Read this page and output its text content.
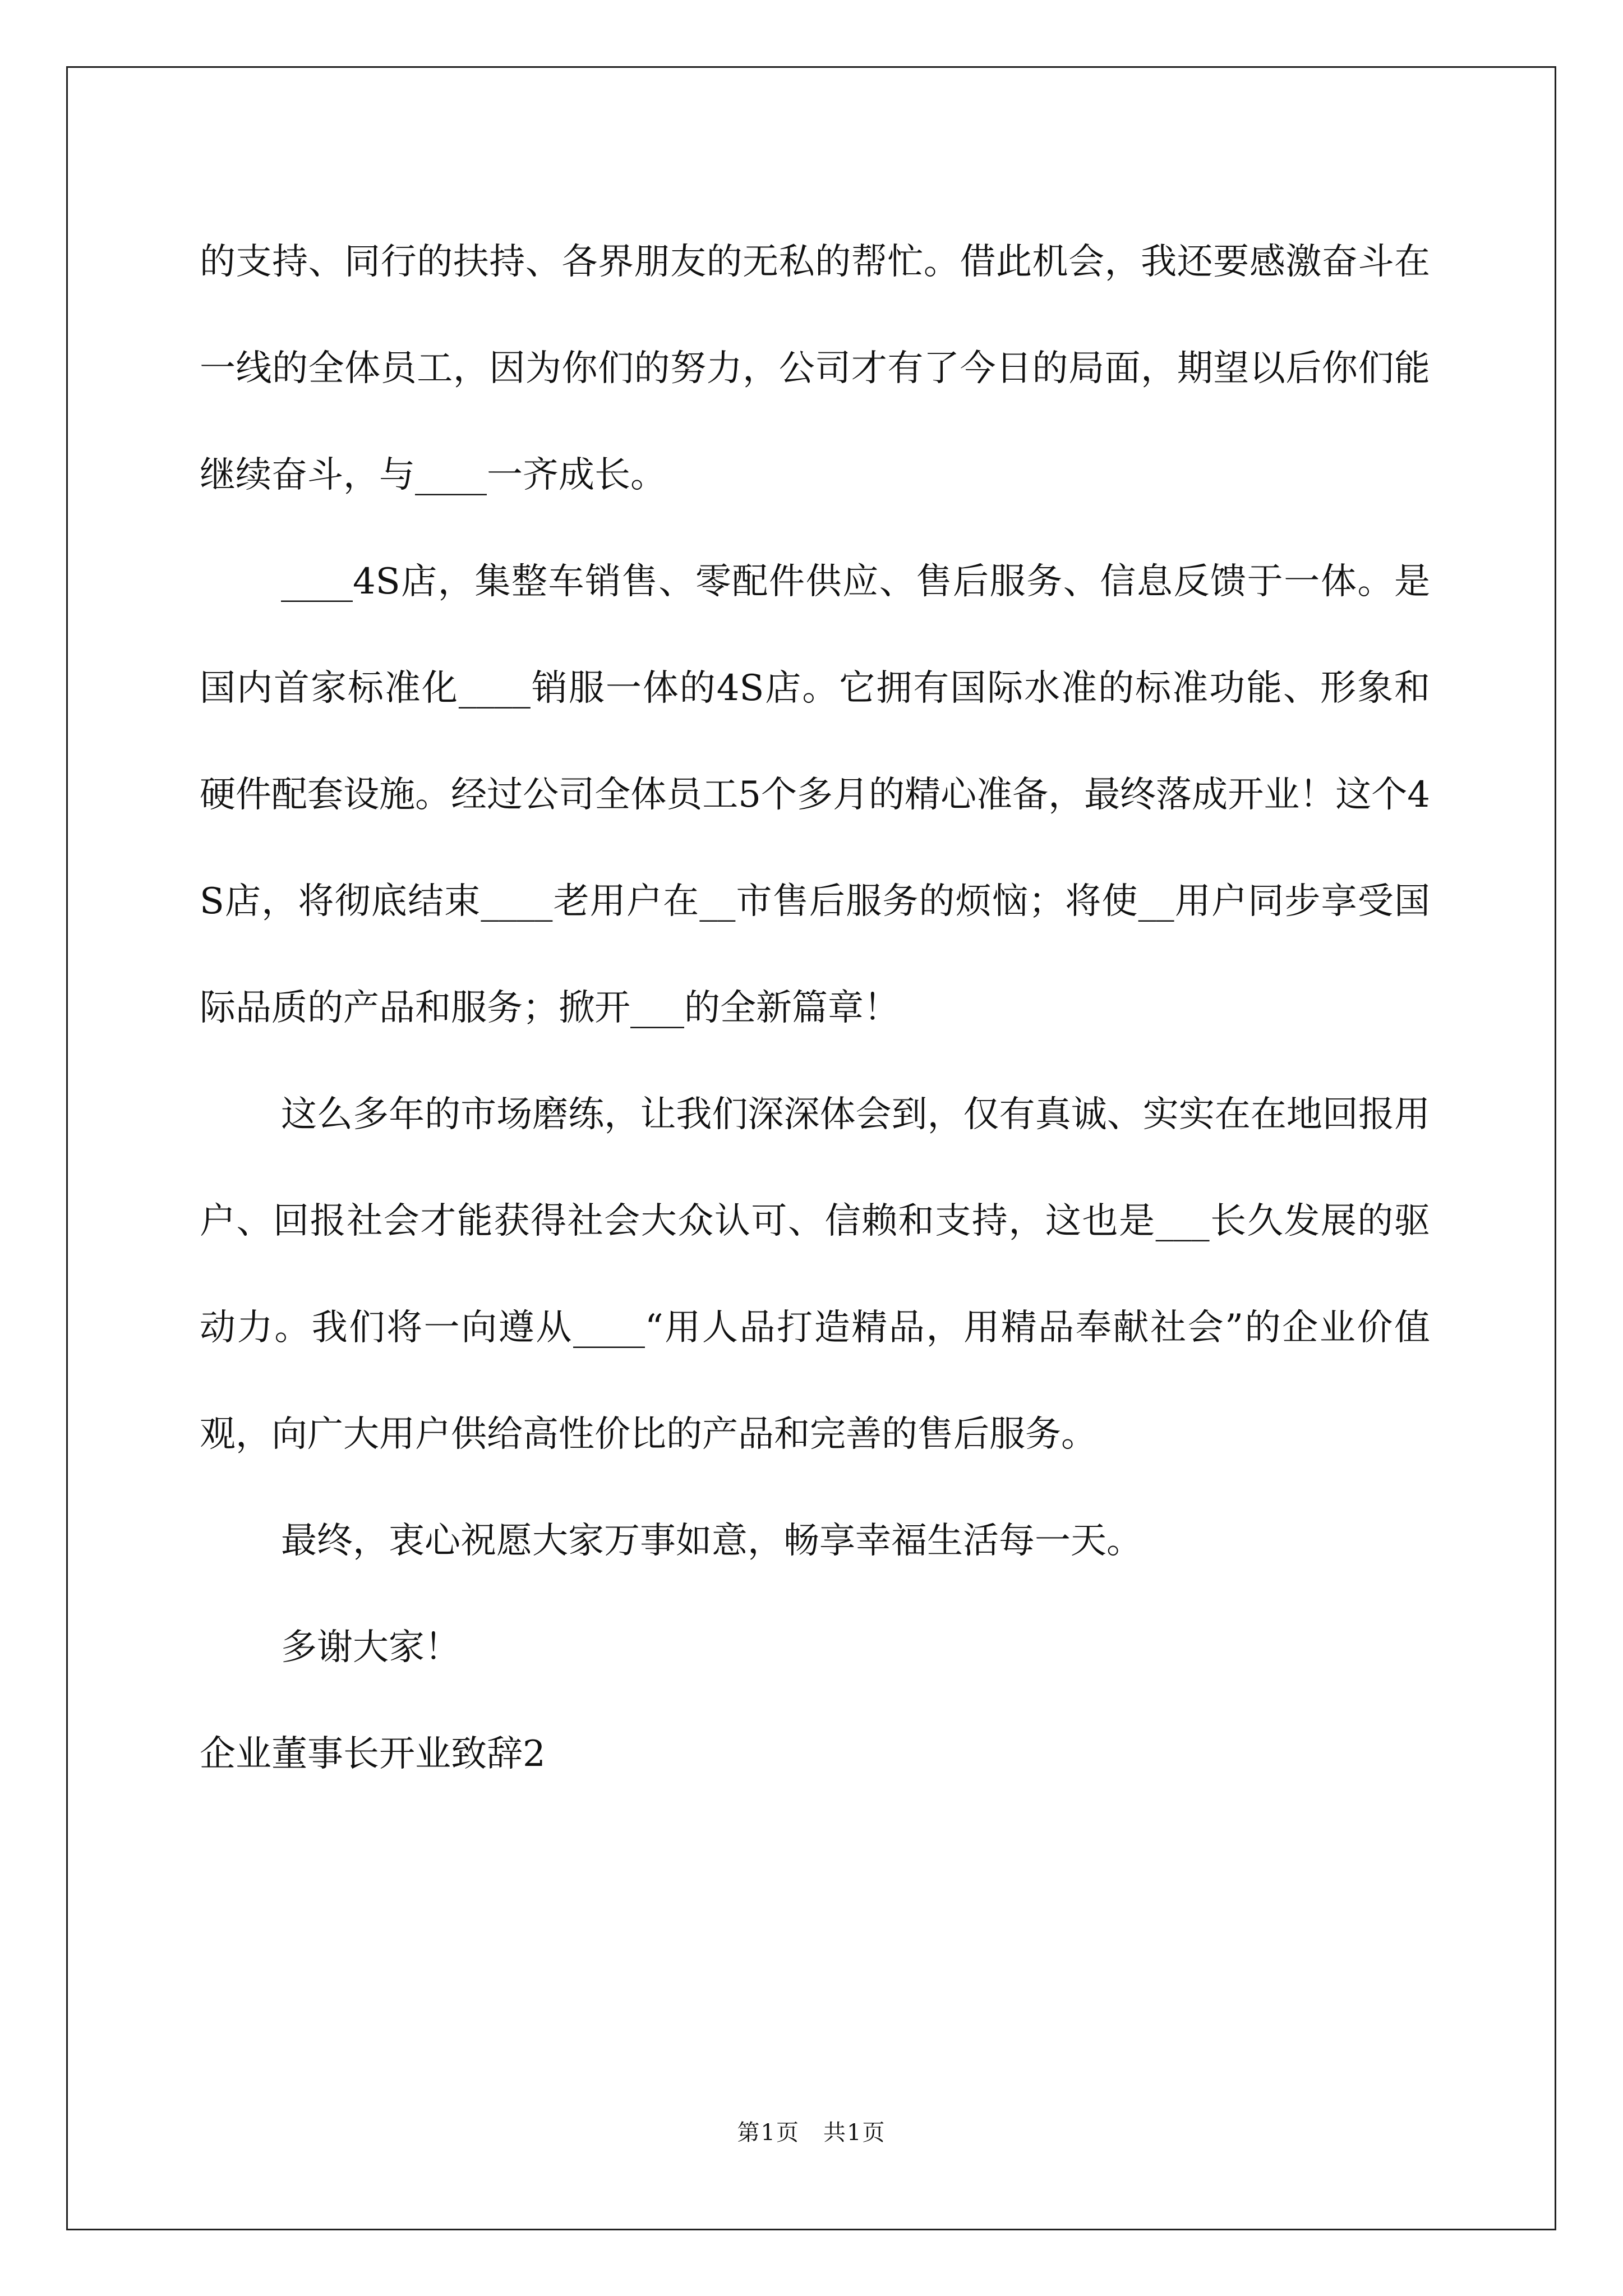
的支持、同行的扶持、各界朋友的无私的帮忙。借此机会，我还要感激奋斗在一线的全体员工，因为你们的努力，公司才有了今日的局面，期望以后你们能继续奋斗，与____一齐成长。

____4S店，集整车销售、零配件供应、售后服务、信息反馈于一体。是国内首家标准化____销服一体的4S店。它拥有国际水准的标准功能、形象和硬件配套设施。经过公司全体员工5个多月的精心准备，最终落成开业！这个4S店，将彻底结束____老用户在__市售后服务的烦恼；将使__用户同步享受国际品质的产品和服务；掀开___的全新篇章！

这么多年的市场磨练，让我们深深体会到，仅有真诚、实实在在地回报用户、回报社会才能获得社会大众认可、信赖和支持，这也是___长久发展的驱动力。我们将一向遵从____“用人品打造精品，用精品奉献社会”的企业价值观，向广大用户供给高性价比的产品和完善的售后服务。

最终，衷心祝愿大家万事如意，畅享幸福生活每一天。

多谢大家！

企业董事长开业致辞2

第1页　共1页
